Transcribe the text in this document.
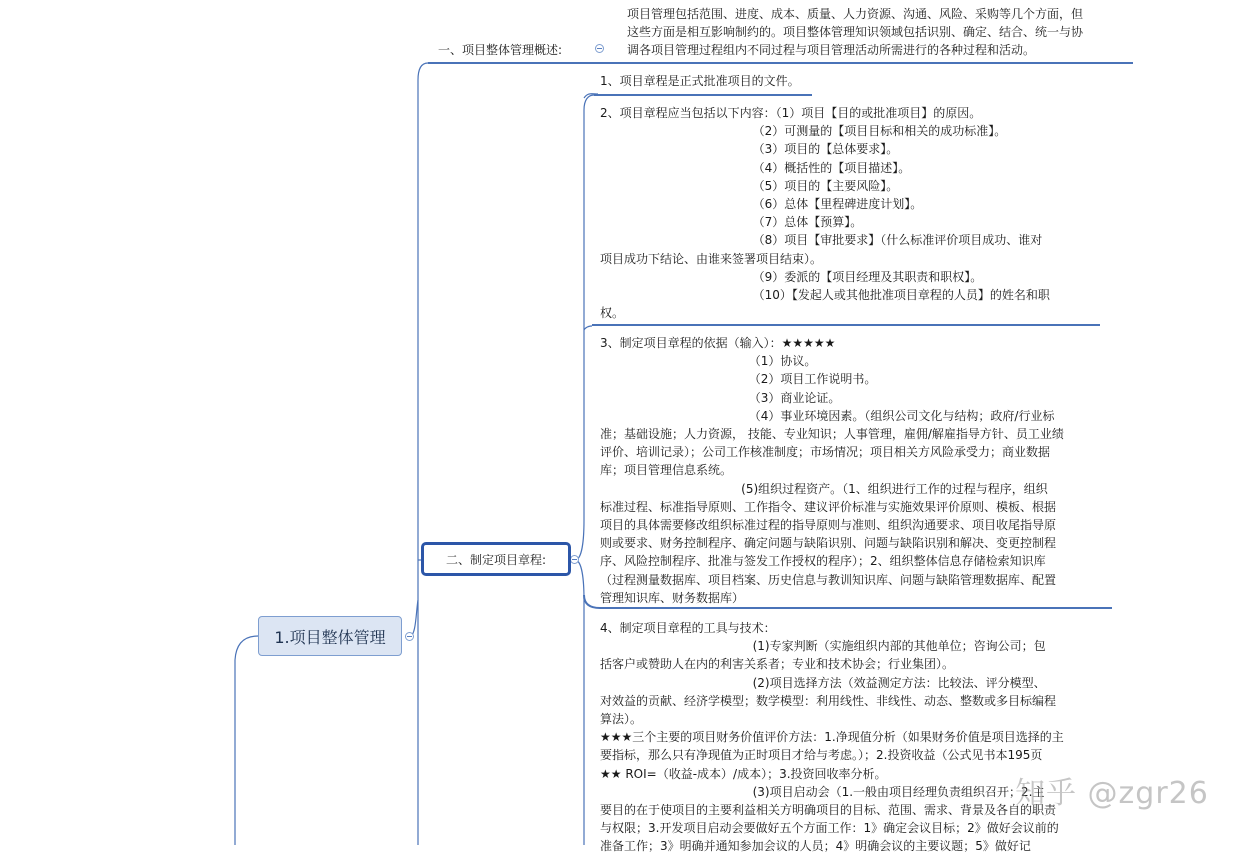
1.项目整体管理
一、项目整体管理概述:
项目管理包括范围、进度、成本、质量、人力资源、沟通、风险、采购等几个方面，但
这些方面是相互影响制约的。项目整体管理知识领域包括识别、确定、结合、统一与协
调各项目管理过程组内不同过程与项目管理活动所需进行的各种过程和活动。
二、制定项目章程:
1、项目章程是正式批准项目的文件。
2、项目章程应当包括以下内容：（1）项目【目的或批准项目】的原因。
（2）可测量的【项目目标和相关的成功标准】。
（3）项目的【总体要求】。
（4）概括性的【项目描述】。
（5）项目的【主要风险】。
（6）总体【里程碑进度计划】。
（7）总体【预算】。
（8）项目【审批要求】（什么标准评价项目成功、谁对
项目成功下结论、由谁来签署项目结束）。
（9）委派的【项目经理及其职责和职权】。
（10）【发起人或其他批准项目章程的人员】的姓名和职
权。
3、制定项目章程的依据（输入）：★★★★★
（1）协议。
（2）项目工作说明书。
（3）商业论证。
（4）事业环境因素。（组织公司文化与结构；政府/行业标
准；基础设施；人力资源， 技能、专业知识；人事管理，雇佣/解雇指导方针、员工业绩
评价、培训记录）；公司工作核准制度；市场情况；项目相关方风险承受力；商业数据
库；项目管理信息系统。
(5)组织过程资产。（1、组织进行工作的过程与程序，组织
标准过程、标准指导原则、工作指令、建议评价标准与实施效果评价原则、模板、根据
项目的具体需要修改组织标准过程的指导原则与准则、组织沟通要求、项目收尾指导原
则或要求、财务控制程序、确定问题与缺陷识别、问题与缺陷识别和解决、变更控制程
序、风险控制程序、批准与签发工作授权的程序）；2、组织整体信息存储检索知识库
（过程测量数据库、项目档案、历史信息与教训知识库、问题与缺陷管理数据库、配置
管理知识库、财务数据库）
4、制定项目章程的工具与技术：
(1)专家判断（实施组织内部的其他单位；咨询公司；包
括客户或赞助人在内的利害关系者；专业和技术协会；行业集团）。
(2)项目选择方法（效益测定方法：比较法、评分模型、
对效益的贡献、经济学模型；数学模型：利用线性、非线性、动态、整数或多目标编程
算法）。
★★★三个主要的项目财务价值评价方法：1.净现值分析（如果财务价值是项目选择的主
要指标，那么只有净现值为正时项目才给与考虑。）；2.投资收益（公式见书本195页
★★ ROI=（收益-成本）/成本）；3.投资回收率分析。
(3)项目启动会（1.一般由项目经理负责组织召开；2.主
要目的在于使项目的主要利益相关方明确项目的目标、范围、需求、背景及各自的职责
与权限；3.开发项目启动会要做好五个方面工作：1》确定会议目标；2》做好会议前的
准备工作；3》明确并通知参加会议的人员；4》明确会议的主要议题；5》做好记
知乎 @zgr26
